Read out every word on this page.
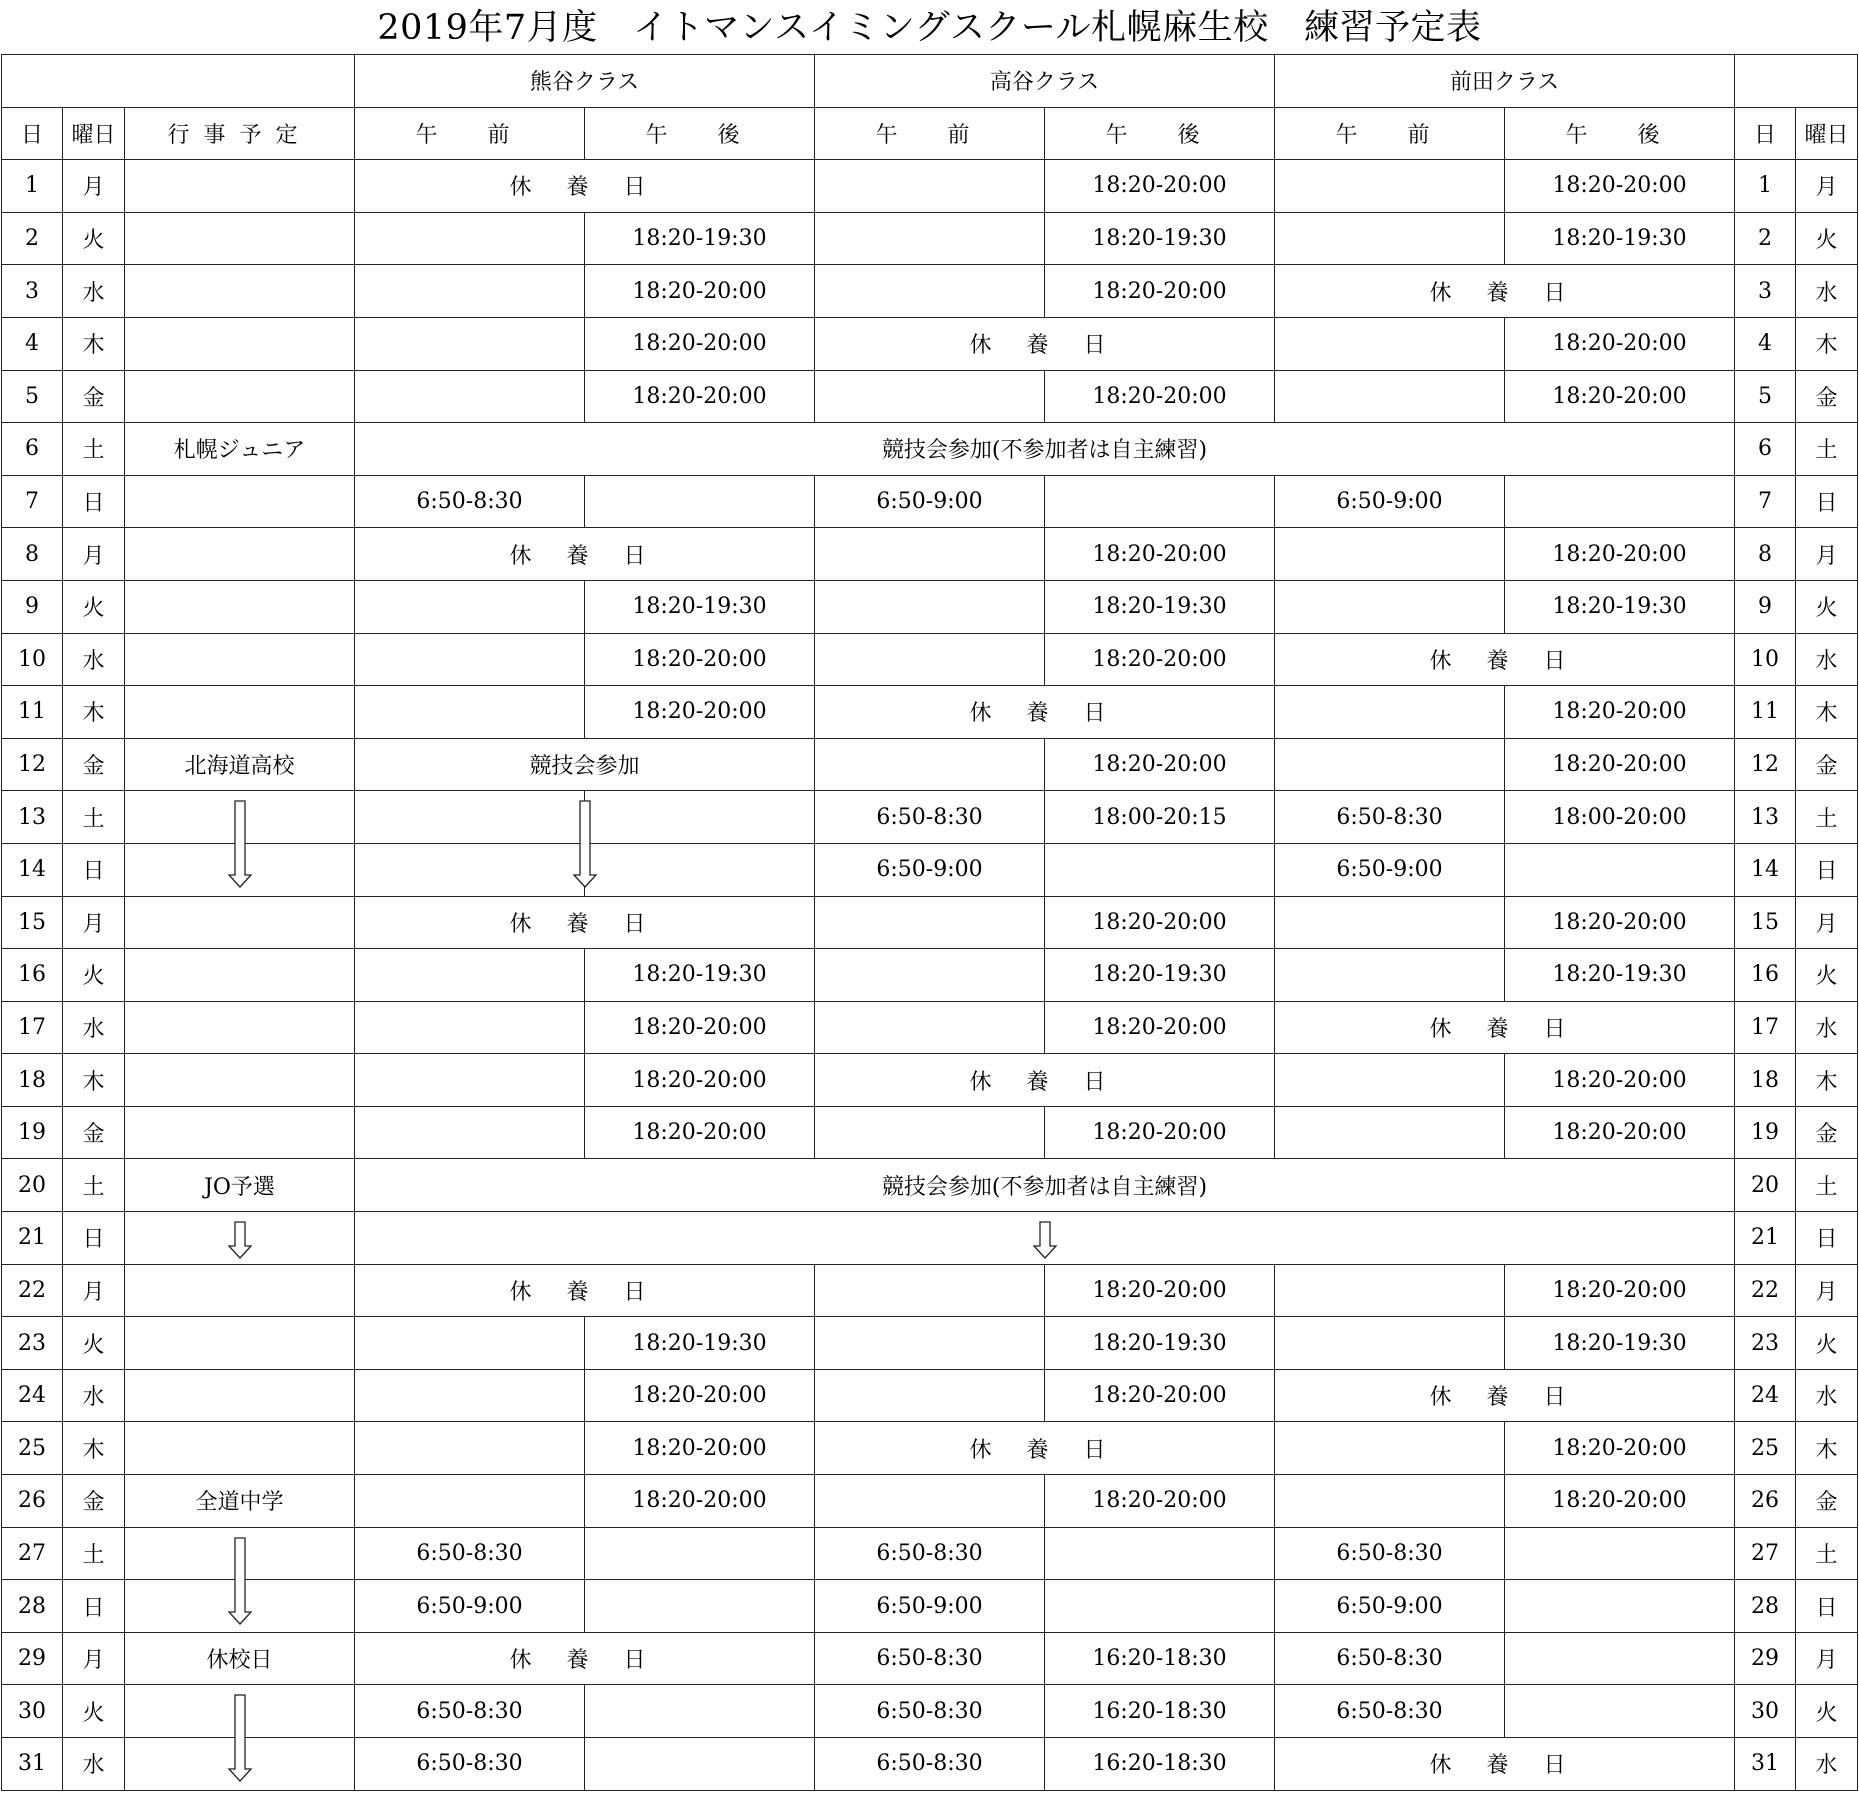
2019年7月度　イトマンスイミングスクール札幌麻生校　練習予定表
			熊谷クラス		高谷クラス		前田クラス			
日	曜日	行事予定	午　前	午　後	午　前	午　後	午　前	午　後	日	曜日
1	月		休 養 日			18:20-20:00		18:20-20:00	1	月
2	火			18:20-19:30		18:20-19:30		18:20-19:30	2	火
3	水			18:20-20:00		18:20-20:00	休 養 日		3	水
4	木			18:20-20:00	休 養 日			18:20-20:00	4	木
5	金			18:20-20:00		18:20-20:00		18:20-20:00	5	金
6	土	札幌ジュニア	競技会参加(不参加者は自主練習)						6	土
7	日		6:50-8:30		6:50-9:00		6:50-9:00		7	日
8	月		休 養 日			18:20-20:00		18:20-20:00	8	月
9	火			18:20-19:30		18:20-19:30		18:20-19:30	9	火
10	水			18:20-20:00		18:20-20:00	休 養 日		10	水
11	木			18:20-20:00	休 養 日			18:20-20:00	11	木
12	金	北海道高校	競技会参加			18:20-20:00		18:20-20:00	12	金
13	土				6:50-8:30	18:00-20:15	6:50-8:30	18:00-20:00	13	土
14	日				6:50-9:00		6:50-9:00		14	日
15	月		休 養 日			18:20-20:00		18:20-20:00	15	月
16	火			18:20-19:30		18:20-19:30		18:20-19:30	16	火
17	水			18:20-20:00		18:20-20:00	休 養 日		17	水
18	木			18:20-20:00	休 養 日			18:20-20:00	18	木
19	金			18:20-20:00		18:20-20:00		18:20-20:00	19	金
20	土	JO予選	競技会参加(不参加者は自主練習)						20	土
21	日								21	日
22	月		休 養 日			18:20-20:00		18:20-20:00	22	月
23	火			18:20-19:30		18:20-19:30		18:20-19:30	23	火
24	水			18:20-20:00		18:20-20:00	休 養 日		24	水
25	木			18:20-20:00	休 養 日			18:20-20:00	25	木
26	金	全道中学		18:20-20:00		18:20-20:00		18:20-20:00	26	金
27	土		6:50-8:30		6:50-8:30		6:50-8:30		27	土
28	日		6:50-9:00		6:50-9:00		6:50-9:00		28	日
29	月	休校日	休 養 日		6:50-8:30	16:20-18:30	6:50-8:30		29	月
30	火		6:50-8:30		6:50-8:30	16:20-18:30	6:50-8:30		30	火
31	水		6:50-8:30		6:50-8:30	16:20-18:30	休 養 日		31	水
